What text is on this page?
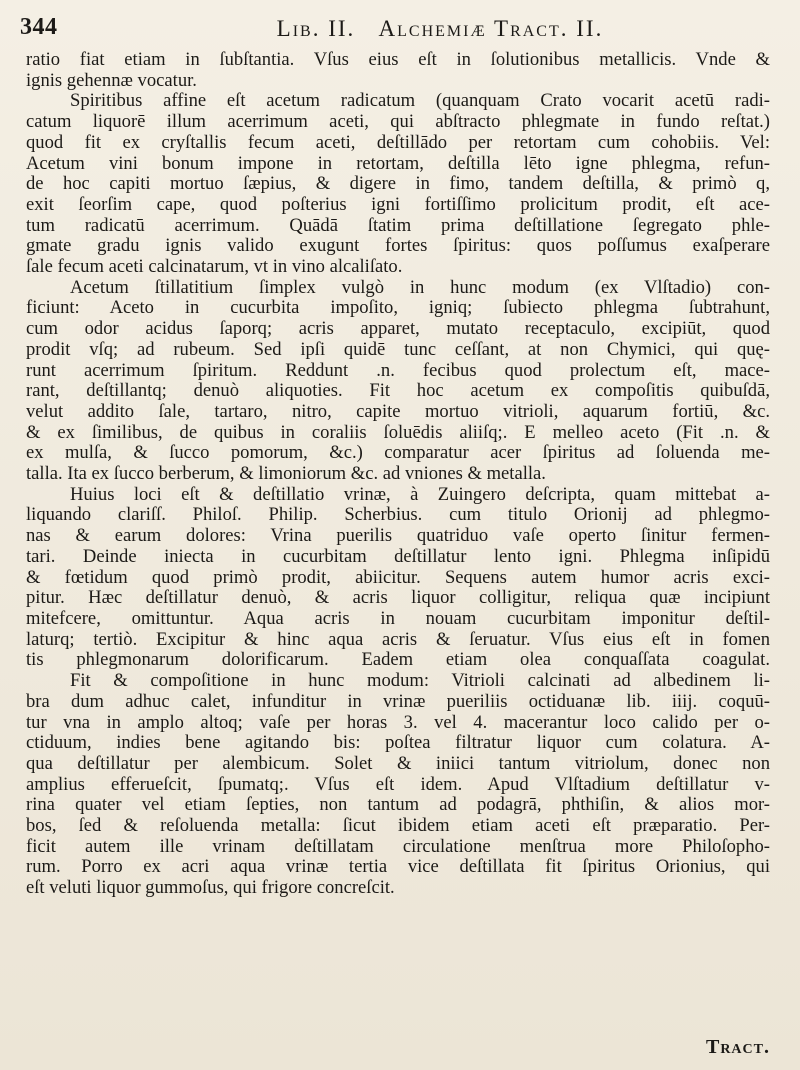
344	Lib. II. Alchemiæ Tract. II.
ratio fiat etiam in ſubſtantia. Vſus eius eſt in ſolutionibus metallicis. Vnde &
ignis gehennæ vocatur.
Spiritibus affine eſt acetum radicatum (quanquam Crato vocarit acetū radi-
catum liquorē illum acerrimum aceti, qui abſtracto phlegmate in fundo reſtat.)
quod fit ex cryſtallis fecum aceti, deſtillādo per retortam cum cohobiis. Vel:
Acetum vini bonum impone in retortam, deſtilla lēto igne phlegma, refun-
de hoc capiti mortuo ſæpius, & digere in fimo, tandem deſtilla, & primò q,
exit ſeorſim cape, quod poſterius igni fortiſſimo prolicitum prodit, eſt ace-
tum radicatū acerrimum. Quādā ſtatim prima deſtillatione ſegregato phle-
gmate gradu ignis valido exugunt fortes ſpiritus: quos poſſumus exaſperare
ſale fecum aceti calcinatarum, vt in vino alcaliſato.
Acetum ſtillatitium ſimplex vulgò in hunc modum (ex Vlſtadio) con-
ficiunt: Aceto in cucurbita impoſito, igniq; ſubiecto phlegma ſubtrahunt,
cum odor acidus ſaporq; acris apparet, mutato receptaculo, excipiūt, quod
prodit vſq; ad rubeum. Sed ipſi quidē tunc ceſſant, at non Chymici, qui quę-
runt acerrimum ſpiritum. Reddunt .n. fecibus quod prolectum eſt, mace-
rant, deſtillantq; denuò aliquoties. Fit hoc acetum ex compoſitis quibuſdā,
velut addito ſale, tartaro, nitro, capite mortuo vitrioli, aquarum fortiū, &c.
& ex ſimilibus, de quibus in coraliis ſoluēdis aliiſq;. E melleo aceto (Fit .n. &
ex mulſa, & ſucco pomorum, &c.) comparatur acer ſpiritus ad ſoluenda me-
talla. Ita ex ſucco berberum, & limoniorum &c. ad vniones & metalla.
Huius loci eſt & deſtillatio vrinæ, à Zuingero deſcripta, quam mittebat a-
liquando clariſſ. Philoſ. Philip. Scherbius. cum titulo Orionij ad phlegmo-
nas & earum dolores: Vrina puerilis quatriduo vaſe operto ſinitur fermen-
tari. Deinde iniecta in cucurbitam deſtillatur lento igni. Phlegma inſipidū
& fœtidum quod primò prodit, abiicitur. Sequens autem humor acris exci-
pitur. Hæc deſtillatur denuò, & acris liquor colligitur, reliqua quæ incipiunt
mitefcere, omittuntur. Aqua acris in nouam cucurbitam imponitur deſtil-
laturq; tertiò. Excipitur & hinc aqua acris & ſeruatur. Vſus eius eſt in fomen
tis phlegmonarum dolorificarum. Eadem etiam olea conquaſſata coagulat.
Fit & compoſitione in hunc modum: Vitrioli calcinati ad albedinem li-
bra dum adhuc calet, infunditur in vrinæ pueriliis octiduanæ lib. iiij. coquū-
tur vna in amplo altoq; vaſe per horas 3. vel 4. macerantur loco calido per o-
ctiduum, indies bene agitando bis: poſtea filtratur liquor cum colatura. A-
qua deſtillatur per alembicum. Solet & iniici tantum vitriolum, donec non
amplius efferueſcit, ſpumatq;. Vſus eſt idem. Apud Vlſtadium deſtillatur v-
rina quater vel etiam ſepties, non tantum ad podagrā, phthiſin, & alios mor-
bos, ſed & reſoluenda metalla: ſicut ibidem etiam aceti eſt præparatio. Per-
ficit autem ille vrinam deſtillatam circulatione menſtrua more Philoſopho-
rum. Porro ex acri aqua vrinæ tertia vice deſtillata fit ſpiritus Orionius, qui
eſt veluti liquor gummoſus, qui frigore concreſcit.
Tract.
